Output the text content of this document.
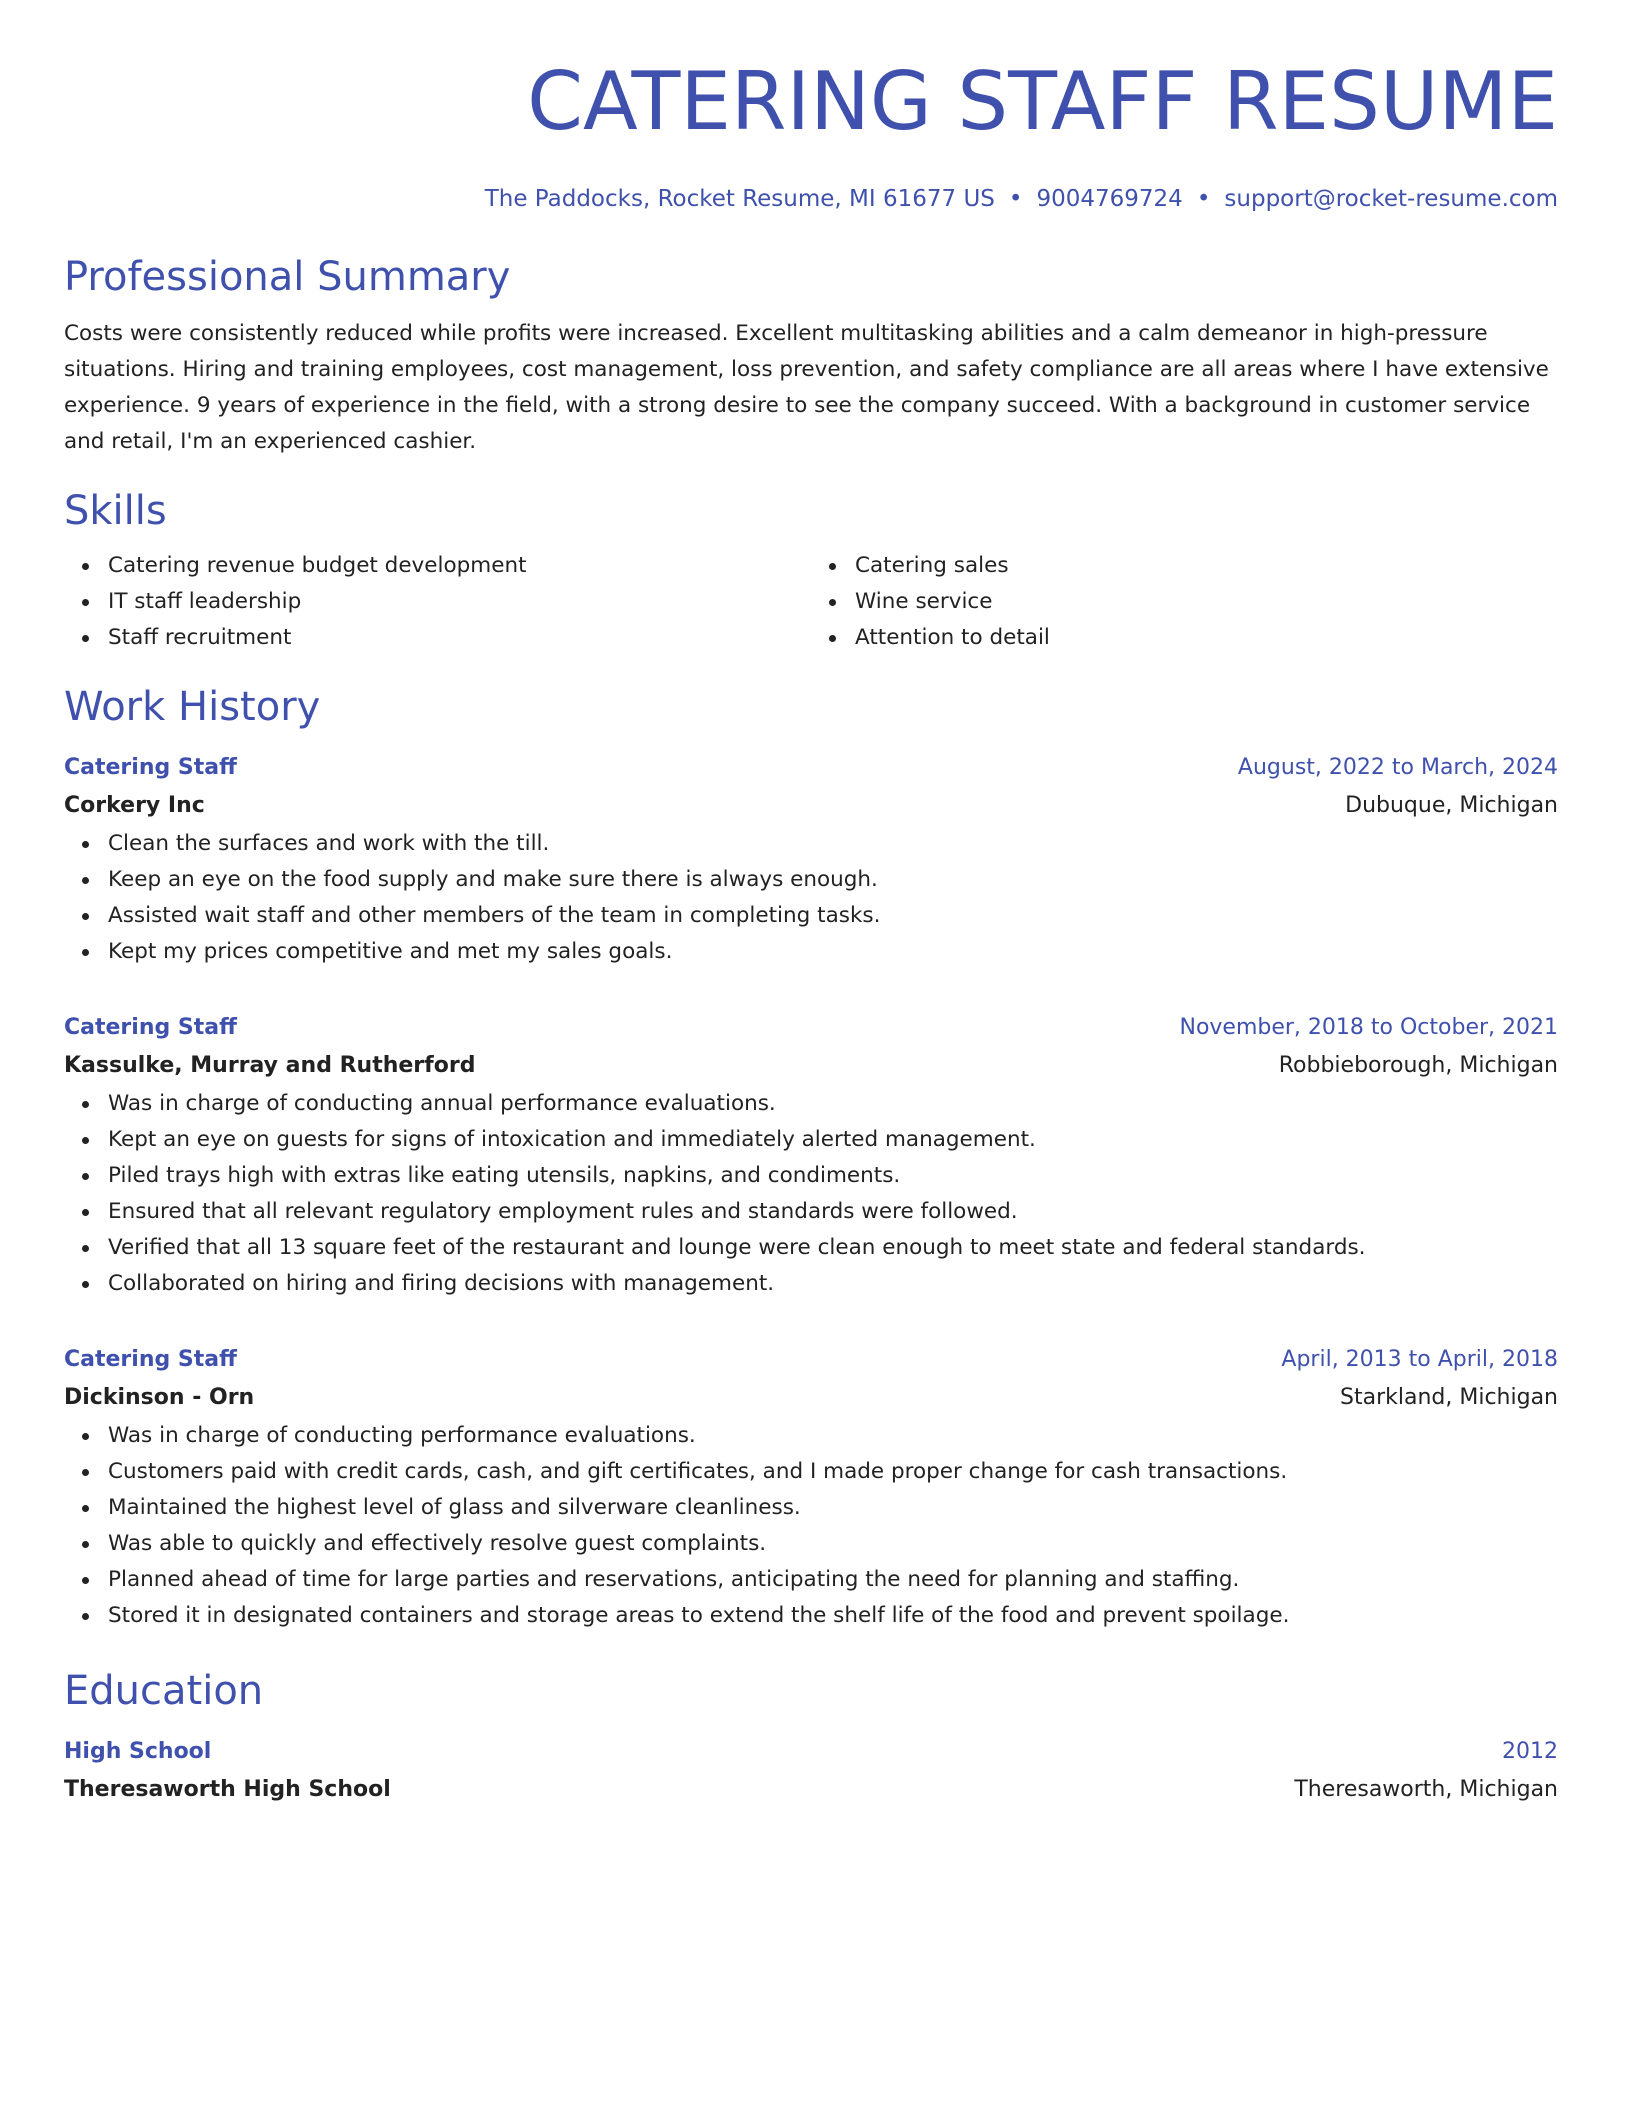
CATERING STAFF RESUME
The Paddocks, Rocket Resume, MI 61677 US • 9004769724 • support@rocket-resume.com
Professional Summary
Costs were consistently reduced while profits were increased. Excellent multitasking abilities and a calm demeanor in high-pressure situations. Hiring and training employees, cost management, loss prevention, and safety compliance are all areas where I have extensive experience. 9 years of experience in the field, with a strong desire to see the company succeed. With a background in customer service and retail, I'm an experienced cashier.
Skills
Catering revenue budget development
IT staff leadership
Staff recruitment
Catering sales
Wine service
Attention to detail
Work History
Catering Staff	August, 2022 to March, 2024
Corkery Inc	Dubuque, Michigan
Clean the surfaces and work with the till.
Keep an eye on the food supply and make sure there is always enough.
Assisted wait staff and other members of the team in completing tasks.
Kept my prices competitive and met my sales goals.
Catering Staff	November, 2018 to October, 2021
Kassulke, Murray and Rutherford	Robbieborough, Michigan
Was in charge of conducting annual performance evaluations.
Kept an eye on guests for signs of intoxication and immediately alerted management.
Piled trays high with extras like eating utensils, napkins, and condiments.
Ensured that all relevant regulatory employment rules and standards were followed.
Verified that all 13 square feet of the restaurant and lounge were clean enough to meet state and federal standards.
Collaborated on hiring and firing decisions with management.
Catering Staff	April, 2013 to April, 2018
Dickinson - Orn	Starkland, Michigan
Was in charge of conducting performance evaluations.
Customers paid with credit cards, cash, and gift certificates, and I made proper change for cash transactions.
Maintained the highest level of glass and silverware cleanliness.
Was able to quickly and effectively resolve guest complaints.
Planned ahead of time for large parties and reservations, anticipating the need for planning and staffing.
Stored it in designated containers and storage areas to extend the shelf life of the food and prevent spoilage.
Education
High School	2012
Theresaworth High School	Theresaworth, Michigan
